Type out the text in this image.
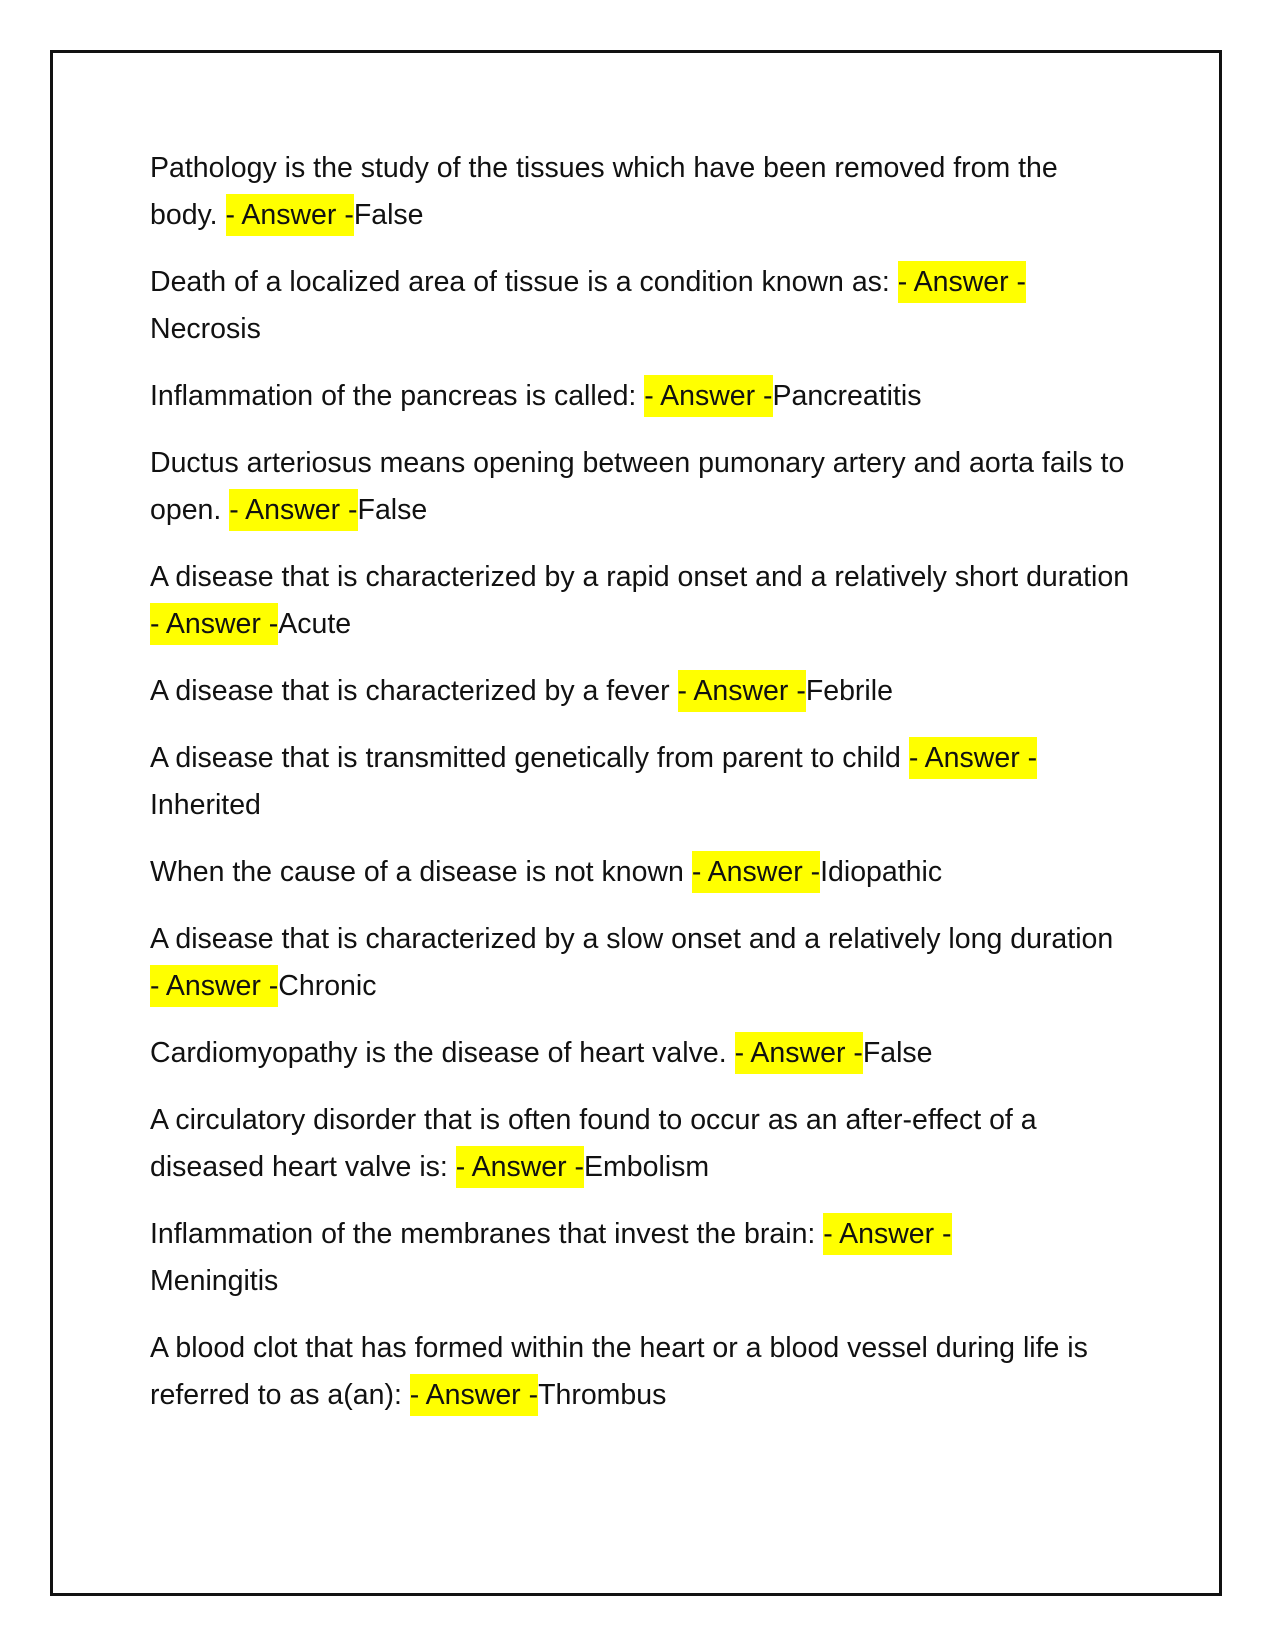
Pathology is the study of the tissues which have been removed from the body. - Answer -False
Death of a localized area of tissue is a condition known as: - Answer -
Necrosis
Inflammation of the pancreas is called: - Answer -Pancreatitis
Ductus arteriosus means opening between pumonary artery and aorta fails to open. - Answer -False
A disease that is characterized by a rapid onset and a relatively short duration - Answer -Acute
A disease that is characterized by a fever - Answer -Febrile
A disease that is transmitted genetically from parent to child - Answer -
Inherited
When the cause of a disease is not known - Answer -Idiopathic
A disease that is characterized by a slow onset and a relatively long duration - Answer -Chronic
Cardiomyopathy is the disease of heart valve. - Answer -False
A circulatory disorder that is often found to occur as an after-effect of a diseased heart valve is: - Answer -Embolism
Inflammation of the membranes that invest the brain: - Answer -
Meningitis
A blood clot that has formed within the heart or a blood vessel during life is referred to as a(an): - Answer -Thrombus
